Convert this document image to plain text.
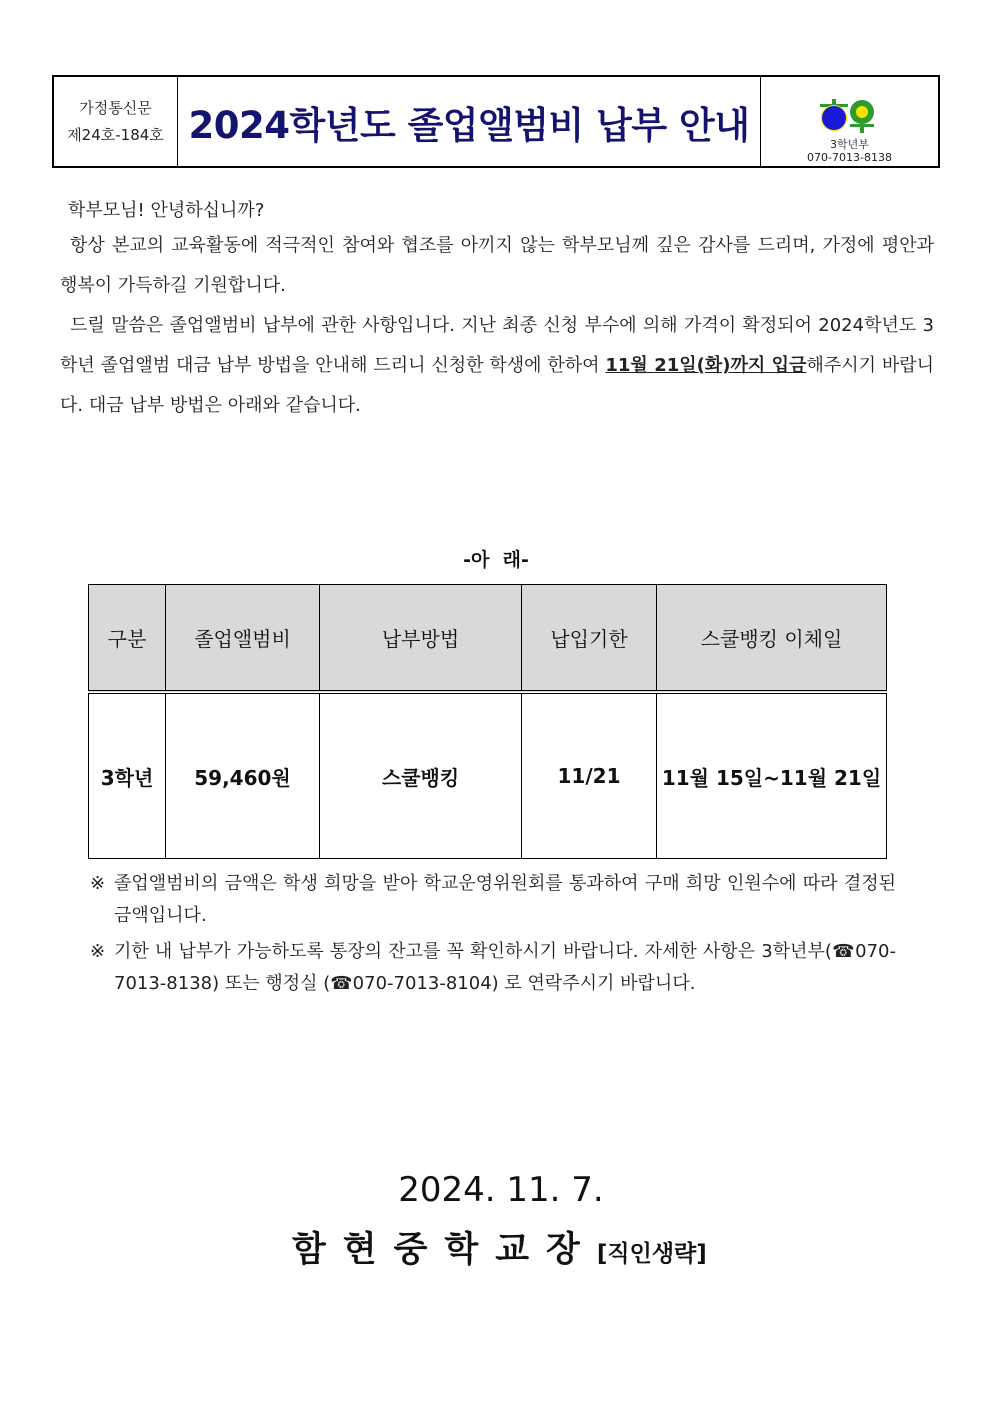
가정통신문
제24호-184호 2024학년도 졸업앨범비 납부 안내	3학년부
070-7013-8138

학부모님! 안녕하십니까?

항상 본교의 교육활동에 적극적인 참여와 협조를 아끼지 않는 학부모님께 깊은 감사를 드리며, 가정에 평안과 행복이 가득하길 기원합니다.

드릴 말씀은 졸업앨범비 납부에 관한 사항입니다. 지난 최종 신청 부수에 의해 가격이 확정되어 2024학년도 3학년 졸업앨범 대금 납부 방법을 안내해 드리니 신청한 학생에 한하여 11월 21일(화)까지 입금해주시기 바랍니다. 대금 납부 방법은 아래와 같습니다.

-아  래-
구분	졸업앨범비	납부방법	납입기한	스쿨뱅킹 이체일
3학년	59,460원	스쿨뱅킹	11/21	11월 15일~11월 21일
※ 졸업앨범비의 금액은 학생 희망을 받아 학교운영위원회를 통과하여 구매 희망 인원수에 따라 결정된 금액입니다.
※ 기한 내 납부가 가능하도록 통장의 잔고를 꼭 확인하시기 바랍니다. 자세한 사항은 3학년부(☎070-7013-8138) 또는 행정실 (☎070-7013-8104) 로 연락주시기 바랍니다.
2024. 11. 7.
함현중학교장[직인생략]
